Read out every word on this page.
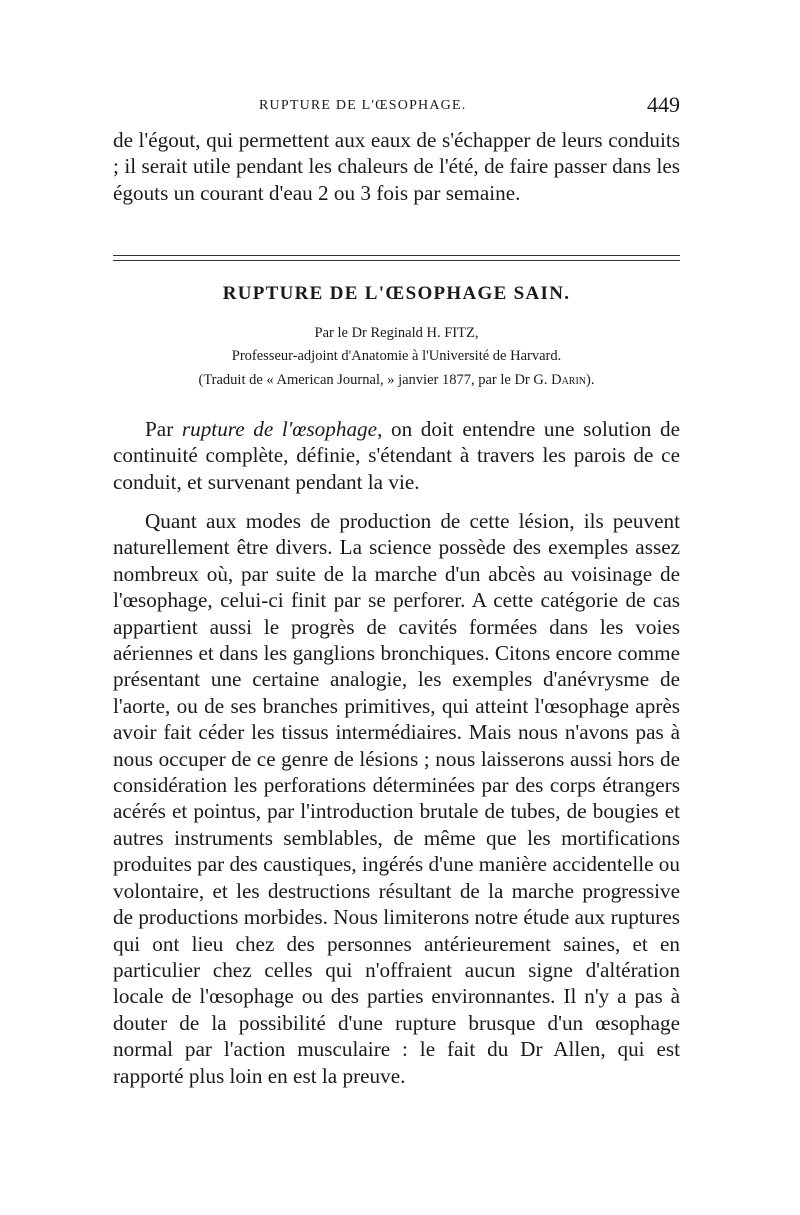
RUPTURE DE L'ŒSOPHAGE.	449

de l'égout, qui permettent aux eaux de s'échapper de leurs conduits ; il serait utile pendant les chaleurs de l'été, de faire passer dans les égouts un courant d'eau 2 ou 3 fois par semaine.

RUPTURE DE L'ŒSOPHAGE SAIN.

Par le Dr Reginald H. FITZ,

Professeur-adjoint d'Anatomie à l'Université de Harvard.

(Traduit de « American Journal, » janvier 1877, par le Dr G. Darin).

Par rupture de l'œsophage, on doit entendre une solution de continuité complète, définie, s'étendant à travers les parois de ce conduit, et survenant pendant la vie.

Quant aux modes de production de cette lésion, ils peuvent naturellement être divers. La science possède des exemples assez nombreux où, par suite de la marche d'un abcès au voisinage de l'œsophage, celui-ci finit par se perforer. A cette catégorie de cas appartient aussi le progrès de cavités formées dans les voies aériennes et dans les ganglions bronchiques. Citons encore comme présentant une certaine analogie, les exemples d'anévrysme de l'aorte, ou de ses branches primitives, qui atteint l'œsophage après avoir fait céder les tissus intermédiaires. Mais nous n'avons pas à nous occuper de ce genre de lésions ; nous laisserons aussi hors de considération les perforations déterminées par des corps étrangers acérés et pointus, par l'introduction brutale de tubes, de bougies et autres instruments semblables, de même que les mortifications produites par des caustiques, ingérés d'une manière accidentelle ou volontaire, et les destructions résultant de la marche progressive de productions morbides. Nous limiterons notre étude aux ruptures qui ont lieu chez des personnes antérieurement saines, et en particulier chez celles qui n'offraient aucun signe d'altération locale de l'œsophage ou des parties environnantes. Il n'y a pas à douter de la possibilité d'une rupture brusque d'un œsophage normal par l'action musculaire : le fait du Dr Allen, qui est rapporté plus loin en est la preuve.
